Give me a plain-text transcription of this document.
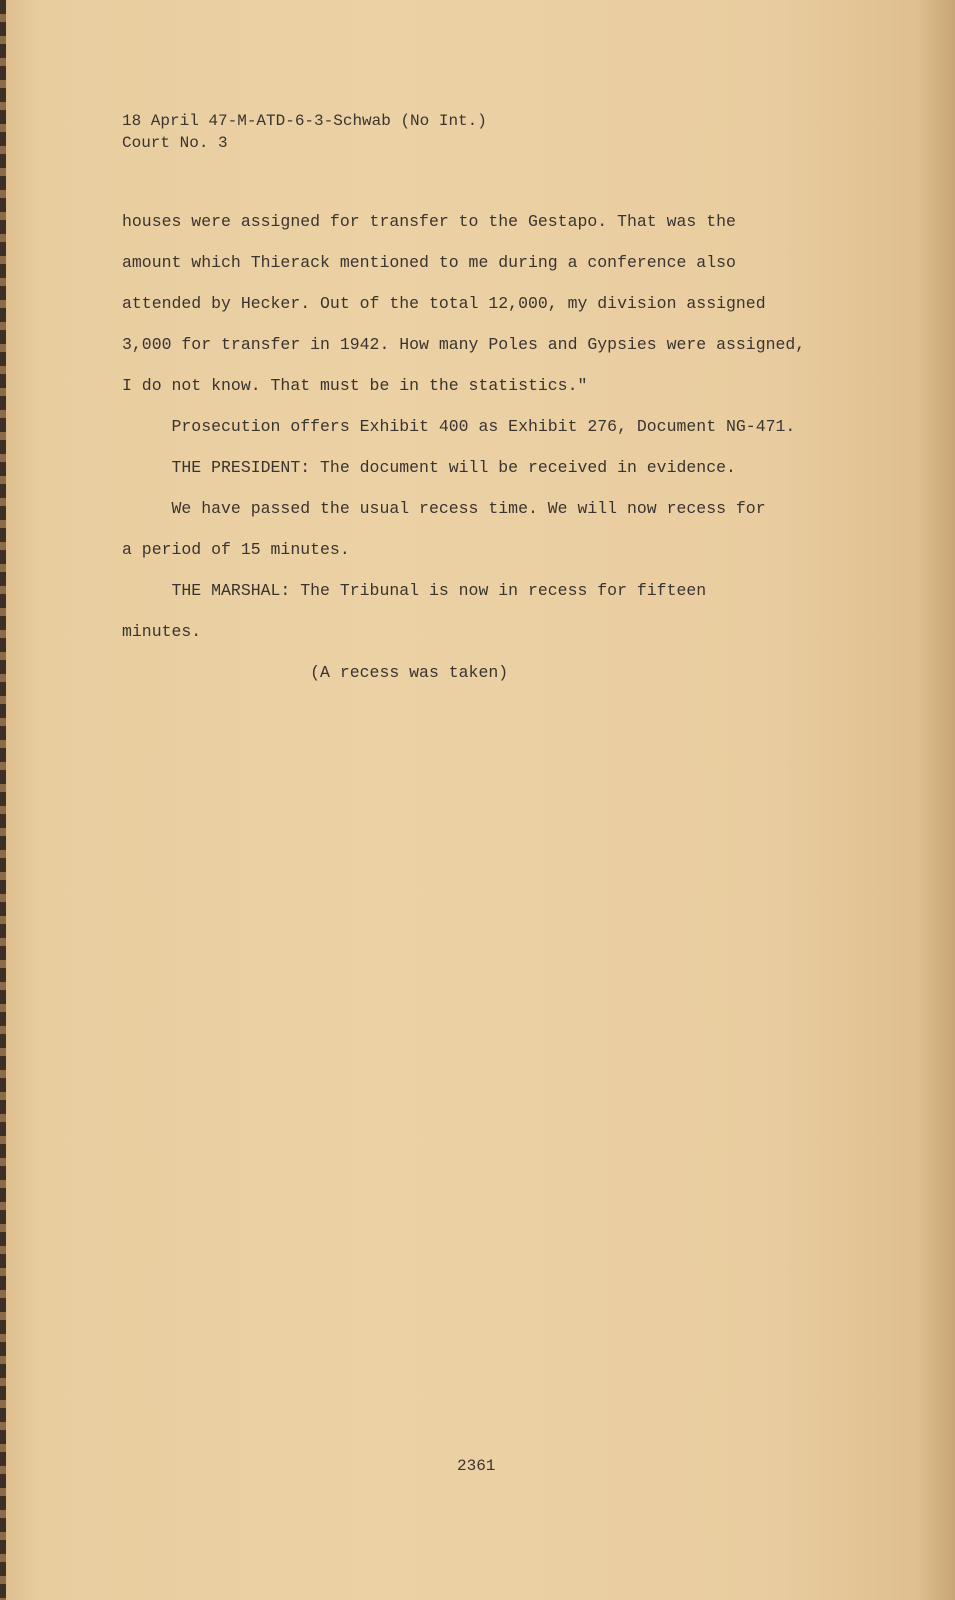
18 April 47-M-ATD-6-3-Schwab (No Int.)
Court No. 3
houses were assigned for transfer to the Gestapo. That was the
amount which Thierack mentioned to me during a conference also
attended by Hecker. Out of the total 12,000, my division assigned
3,000 for transfer in 1942. How many Poles and Gypsies were assigned,
I do not know. That must be in the statistics."
Prosecution offers Exhibit 400 as Exhibit 276, Document NG-471.
THE PRESIDENT: The document will be received in evidence.
We have passed the usual recess time. We will now recess for
a period of 15 minutes.
THE MARSHAL: The Tribunal is now in recess for fifteen
minutes.
(A recess was taken)
2361
